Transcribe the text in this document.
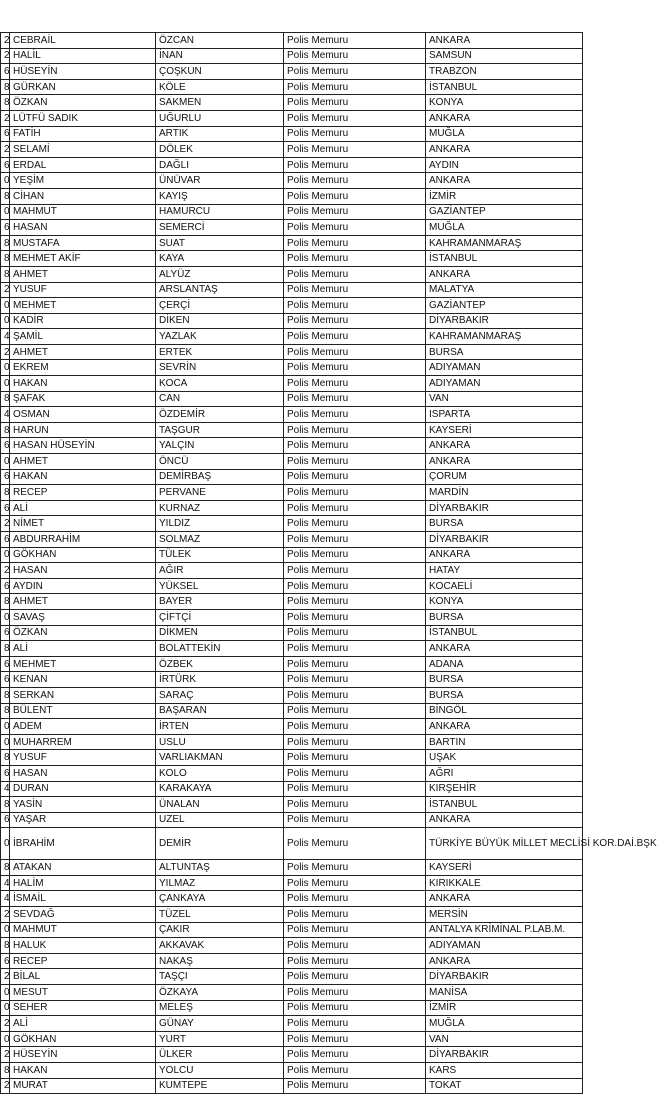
2	CEBRAİL	ÖZCAN	Polis Memuru	ANKARA
2	HALİL	İNAN	Polis Memuru	SAMSUN
6	HÜSEYİN	ÇOŞKUN	Polis Memuru	TRABZON
8	GÜRKAN	KÖLE	Polis Memuru	İSTANBUL
8	ÖZKAN	SAKMEN	Polis Memuru	KONYA
2	LÜTFÜ SADIK	UĞURLU	Polis Memuru	ANKARA
6	FATİH	ARTIK	Polis Memuru	MUĞLA
2	SELAMİ	DÖLEK	Polis Memuru	ANKARA
6	ERDAL	DAĞLI	Polis Memuru	AYDIN
0	YEŞİM	ÜNÜVAR	Polis Memuru	ANKARA
8	CİHAN	KAYIŞ	Polis Memuru	İZMİR
0	MAHMUT	HAMURCU	Polis Memuru	GAZİANTEP
6	HASAN	SEMERCİ	Polis Memuru	MUĞLA
8	MUSTAFA	SUAT	Polis Memuru	KAHRAMANMARAŞ
8	MEHMET AKİF	KAYA	Polis Memuru	İSTANBUL
8	AHMET	ALYÜZ	Polis Memuru	ANKARA
2	YUSUF	ARSLANTAŞ	Polis Memuru	MALATYA
0	MEHMET	ÇERÇİ	Polis Memuru	GAZİANTEP
0	KADİR	DİKEN	Polis Memuru	DİYARBAKIR
4	ŞAMİL	YAZLAK	Polis Memuru	KAHRAMANMARAŞ
2	AHMET	ERTEK	Polis Memuru	BURSA
0	EKREM	SEVRİN	Polis Memuru	ADIYAMAN
0	HAKAN	KOCA	Polis Memuru	ADIYAMAN
8	ŞAFAK	CAN	Polis Memuru	VAN
4	OSMAN	ÖZDEMİR	Polis Memuru	ISPARTA
8	HARUN	TAŞGUR	Polis Memuru	KAYSERİ
6	HASAN HÜSEYİN	YALÇIN	Polis Memuru	ANKARA
0	AHMET	ÖNCÜ	Polis Memuru	ANKARA
6	HAKAN	DEMİRBAŞ	Polis Memuru	ÇORUM
8	RECEP	PERVANE	Polis Memuru	MARDİN
6	ALİ	KURNAZ	Polis Memuru	DİYARBAKIR
2	NİMET	YILDIZ	Polis Memuru	BURSA
6	ABDURRAHİM	SOLMAZ	Polis Memuru	DİYARBAKIR
0	GÖKHAN	TÜLEK	Polis Memuru	ANKARA
2	HASAN	AĞIR	Polis Memuru	HATAY
6	AYDIN	YÜKSEL	Polis Memuru	KOCAELİ
8	AHMET	BAYER	Polis Memuru	KONYA
0	SAVAŞ	ÇİFTÇİ	Polis Memuru	BURSA
6	ÖZKAN	DİKMEN	Polis Memuru	İSTANBUL
8	ALİ	BOLATTEKİN	Polis Memuru	ANKARA
6	MEHMET	ÖZBEK	Polis Memuru	ADANA
6	KENAN	İRTÜRK	Polis Memuru	BURSA
8	SERKAN	SARAÇ	Polis Memuru	BURSA
8	BÜLENT	BAŞARAN	Polis Memuru	BİNGÖL
0	ADEM	İRTEN	Polis Memuru	ANKARA
0	MUHARREM	USLU	Polis Memuru	BARTIN
8	YUSUF	VARLIAKMAN	Polis Memuru	UŞAK
6	HASAN	KOLO	Polis Memuru	AĞRI
4	DURAN	KARAKAYA	Polis Memuru	KIRŞEHİR
8	YASİN	ÜNALAN	Polis Memuru	İSTANBUL
6	YAŞAR	UZEL	Polis Memuru	ANKARA
0	İBRAHİM	DEMİR	Polis Memuru	TÜRKİYE BÜYÜK MİLLET MECLİSİ KOR.DAİ.BŞK
8	ATAKAN	ALTUNTAŞ	Polis Memuru	KAYSERİ
4	HALİM	YILMAZ	Polis Memuru	KIRIKKALE
4	İSMAİL	ÇANKAYA	Polis Memuru	ANKARA
2	SEVDAĞ	TÜZEL	Polis Memuru	MERSİN
0	MAHMUT	ÇAKIR	Polis Memuru	ANTALYA KRİMİNAL P.LAB.M.
8	HALUK	AKKAVAK	Polis Memuru	ADIYAMAN
6	RECEP	NAKAŞ	Polis Memuru	ANKARA
2	BİLAL	TAŞÇI	Polis Memuru	DİYARBAKIR
0	MESUT	ÖZKAYA	Polis Memuru	MANİSA
0	SEHER	MELEŞ	Polis Memuru	İZMİR
2	ALİ	GÜNAY	Polis Memuru	MUĞLA
0	GÖKHAN	YURT	Polis Memuru	VAN
2	HÜSEYİN	ÜLKER	Polis Memuru	DİYARBAKIR
8	HAKAN	YOLCU	Polis Memuru	KARS
2	MURAT	KUMTEPE	Polis Memuru	TOKAT
